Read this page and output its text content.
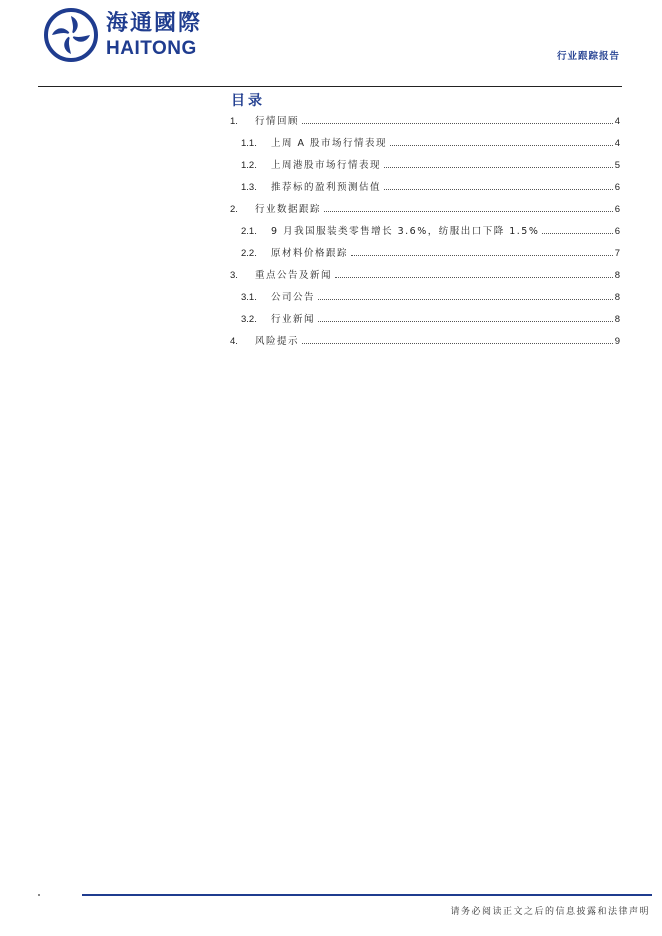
海通國際
HAITONG	行业跟踪报告
目录
1.	行情回顾	4
1.1.	上周 A 股市场行情表现	4
1.2.	上周港股市场行情表现	5
1.3.	推荐标的盈利预测估值	6
2.	行业数据跟踪	6
2.1.	9 月我国服装类零售增长 3.6%，纺服出口下降 1.5%	6
2.2.	原材料价格跟踪	7
3.	重点公告及新闻	8
3.1.	公司公告	8
3.2.	行业新闻	8
4.	风险提示	9
请务必阅读正文之后的信息披露和法律声明
